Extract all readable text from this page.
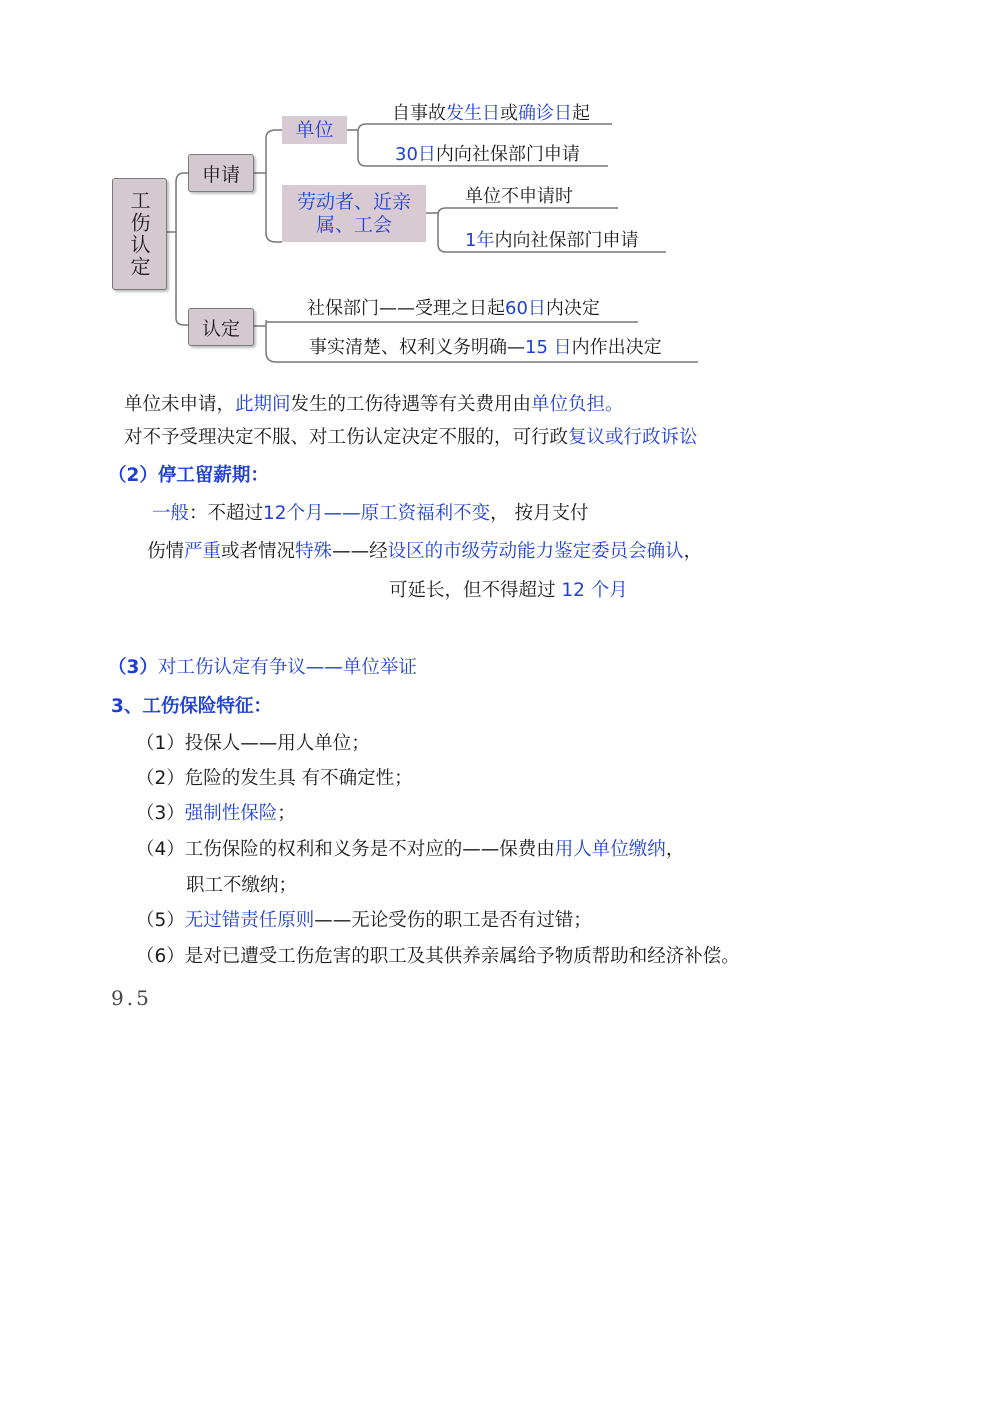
工伤认定
申请
认定
单位
劳动者、近亲
属、工会
自事故发生日或确诊日起
30日内向社保部门申请
单位不申请时
1年内向社保部门申请
社保部门——受理之日起60日内决定
事实清楚、权利义务明确—15 日内作出决定
单位未申请，此期间发生的工伤待遇等有关费用由单位负担。
对不予受理决定不服、对工伤认定决定不服的，可行政复议或行政诉讼
（2）停工留薪期：
一般：不超过12个月——原工资福利不变， 按月支付
伤情严重或者情况特殊——经设区的市级劳动能力鉴定委员会确认，
可延长，但不得超过 12 个月
（3）对工伤认定有争议——单位举证
3、工伤保险特征：
（1）投保人——用人单位；
（2）危险的发生具 有不确定性；
（3）强制性保险；
（4）工伤保险的权利和义务是不对应的——保费由用人单位缴纳，
职工不缴纳；
（5）无过错责任原则——无论受伤的职工是否有过错；
（6）是对已遭受工伤危害的职工及其供养亲属给予物质帮助和经济补偿。
9.5
